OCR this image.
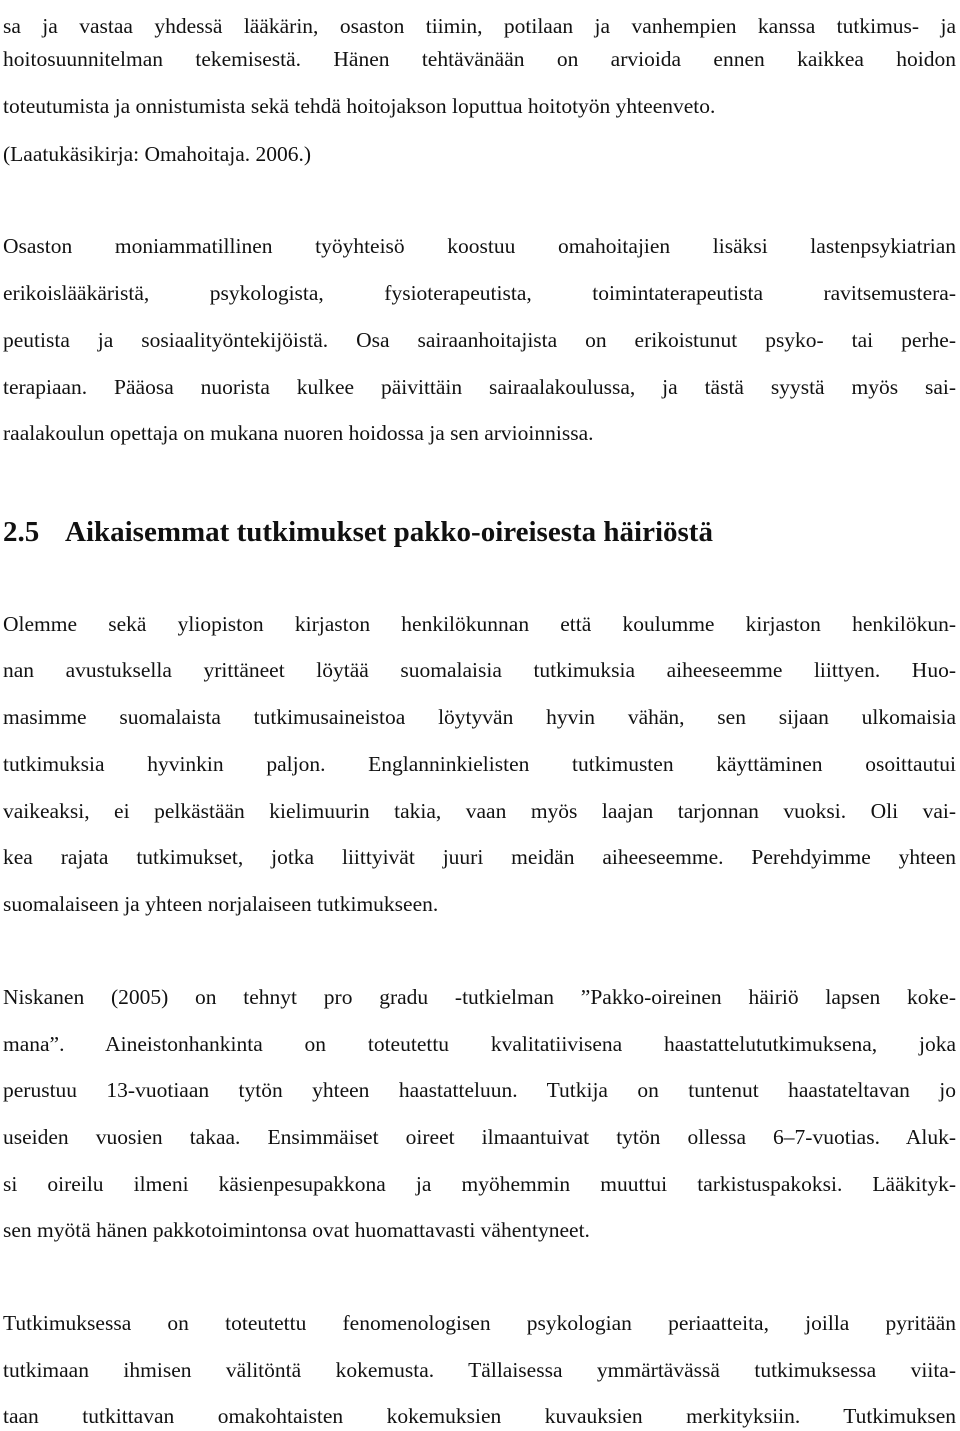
sa ja vastaa yhdessä lääkärin, osaston tiimin, potilaan ja vanhempien kanssa tutkimus- ja
hoitosuunnitelman tekemisestä. Hänen tehtävänään on arvioida ennen kaikkea hoidon
toteutumista ja onnistumista sekä tehdä hoitojakson loputtua hoitotyön yhteenveto.
(Laatukäsikirja: Omahoitaja. 2006.)
Osaston moniammatillinen työyhteisö koostuu omahoitajien lisäksi lastenpsykiatrian
erikoislääkäristä, psykologista, fysioterapeutista, toimintaterapeutista ravitsemustera-
peutista ja sosiaalityöntekijöistä. Osa sairaanhoitajista on erikoistunut psyko- tai perhe-
terapiaan. Pääosa nuorista kulkee päivittäin sairaalakoulussa, ja tästä syystä myös sai-
raalakoulun opettaja on mukana nuoren hoidossa ja sen arvioinnissa.
2.5 Aikaisemmat tutkimukset pakko-oireisesta häiriöstä
Olemme sekä yliopiston kirjaston henkilökunnan että koulumme kirjaston henkilökun-
nan avustuksella yrittäneet löytää suomalaisia tutkimuksia aiheeseemme liittyen. Huo-
masimme suomalaista tutkimusaineistoa löytyvän hyvin vähän, sen sijaan ulkomaisia
tutkimuksia hyvinkin paljon. Englanninkielisten tutkimusten käyttäminen osoittautui
vaikeaksi, ei pelkästään kielimuurin takia, vaan myös laajan tarjonnan vuoksi. Oli vai-
kea rajata tutkimukset, jotka liittyivät juuri meidän aiheeseemme. Perehdyimme yhteen
suomalaiseen ja yhteen norjalaiseen tutkimukseen.
Niskanen (2005) on tehnyt pro gradu -tutkielman ”Pakko-oireinen häiriö lapsen koke-
mana”. Aineistonhankinta on toteutettu kvalitatiivisena haastattelututkimuksena, joka
perustuu 13-vuotiaan tytön yhteen haastatteluun. Tutkija on tuntenut haastateltavan jo
useiden vuosien takaa. Ensimmäiset oireet ilmaantuivat tytön ollessa 6–7-vuotias. Aluk-
si oireilu ilmeni käsienpesupakkona ja myöhemmin muuttui tarkistuspakoksi. Lääkityk-
sen myötä hänen pakkotoimintonsa ovat huomattavasti vähentyneet.
Tutkimuksessa on toteutettu fenomenologisen psykologian periaatteita, joilla pyritään
tutkimaan ihmisen välitöntä kokemusta. Tällaisessa ymmärtävässä tutkimuksessa viita-
taan tutkittavan omakohtaisten kokemuksien kuvauksien merkityksiin. Tutkimuksen
